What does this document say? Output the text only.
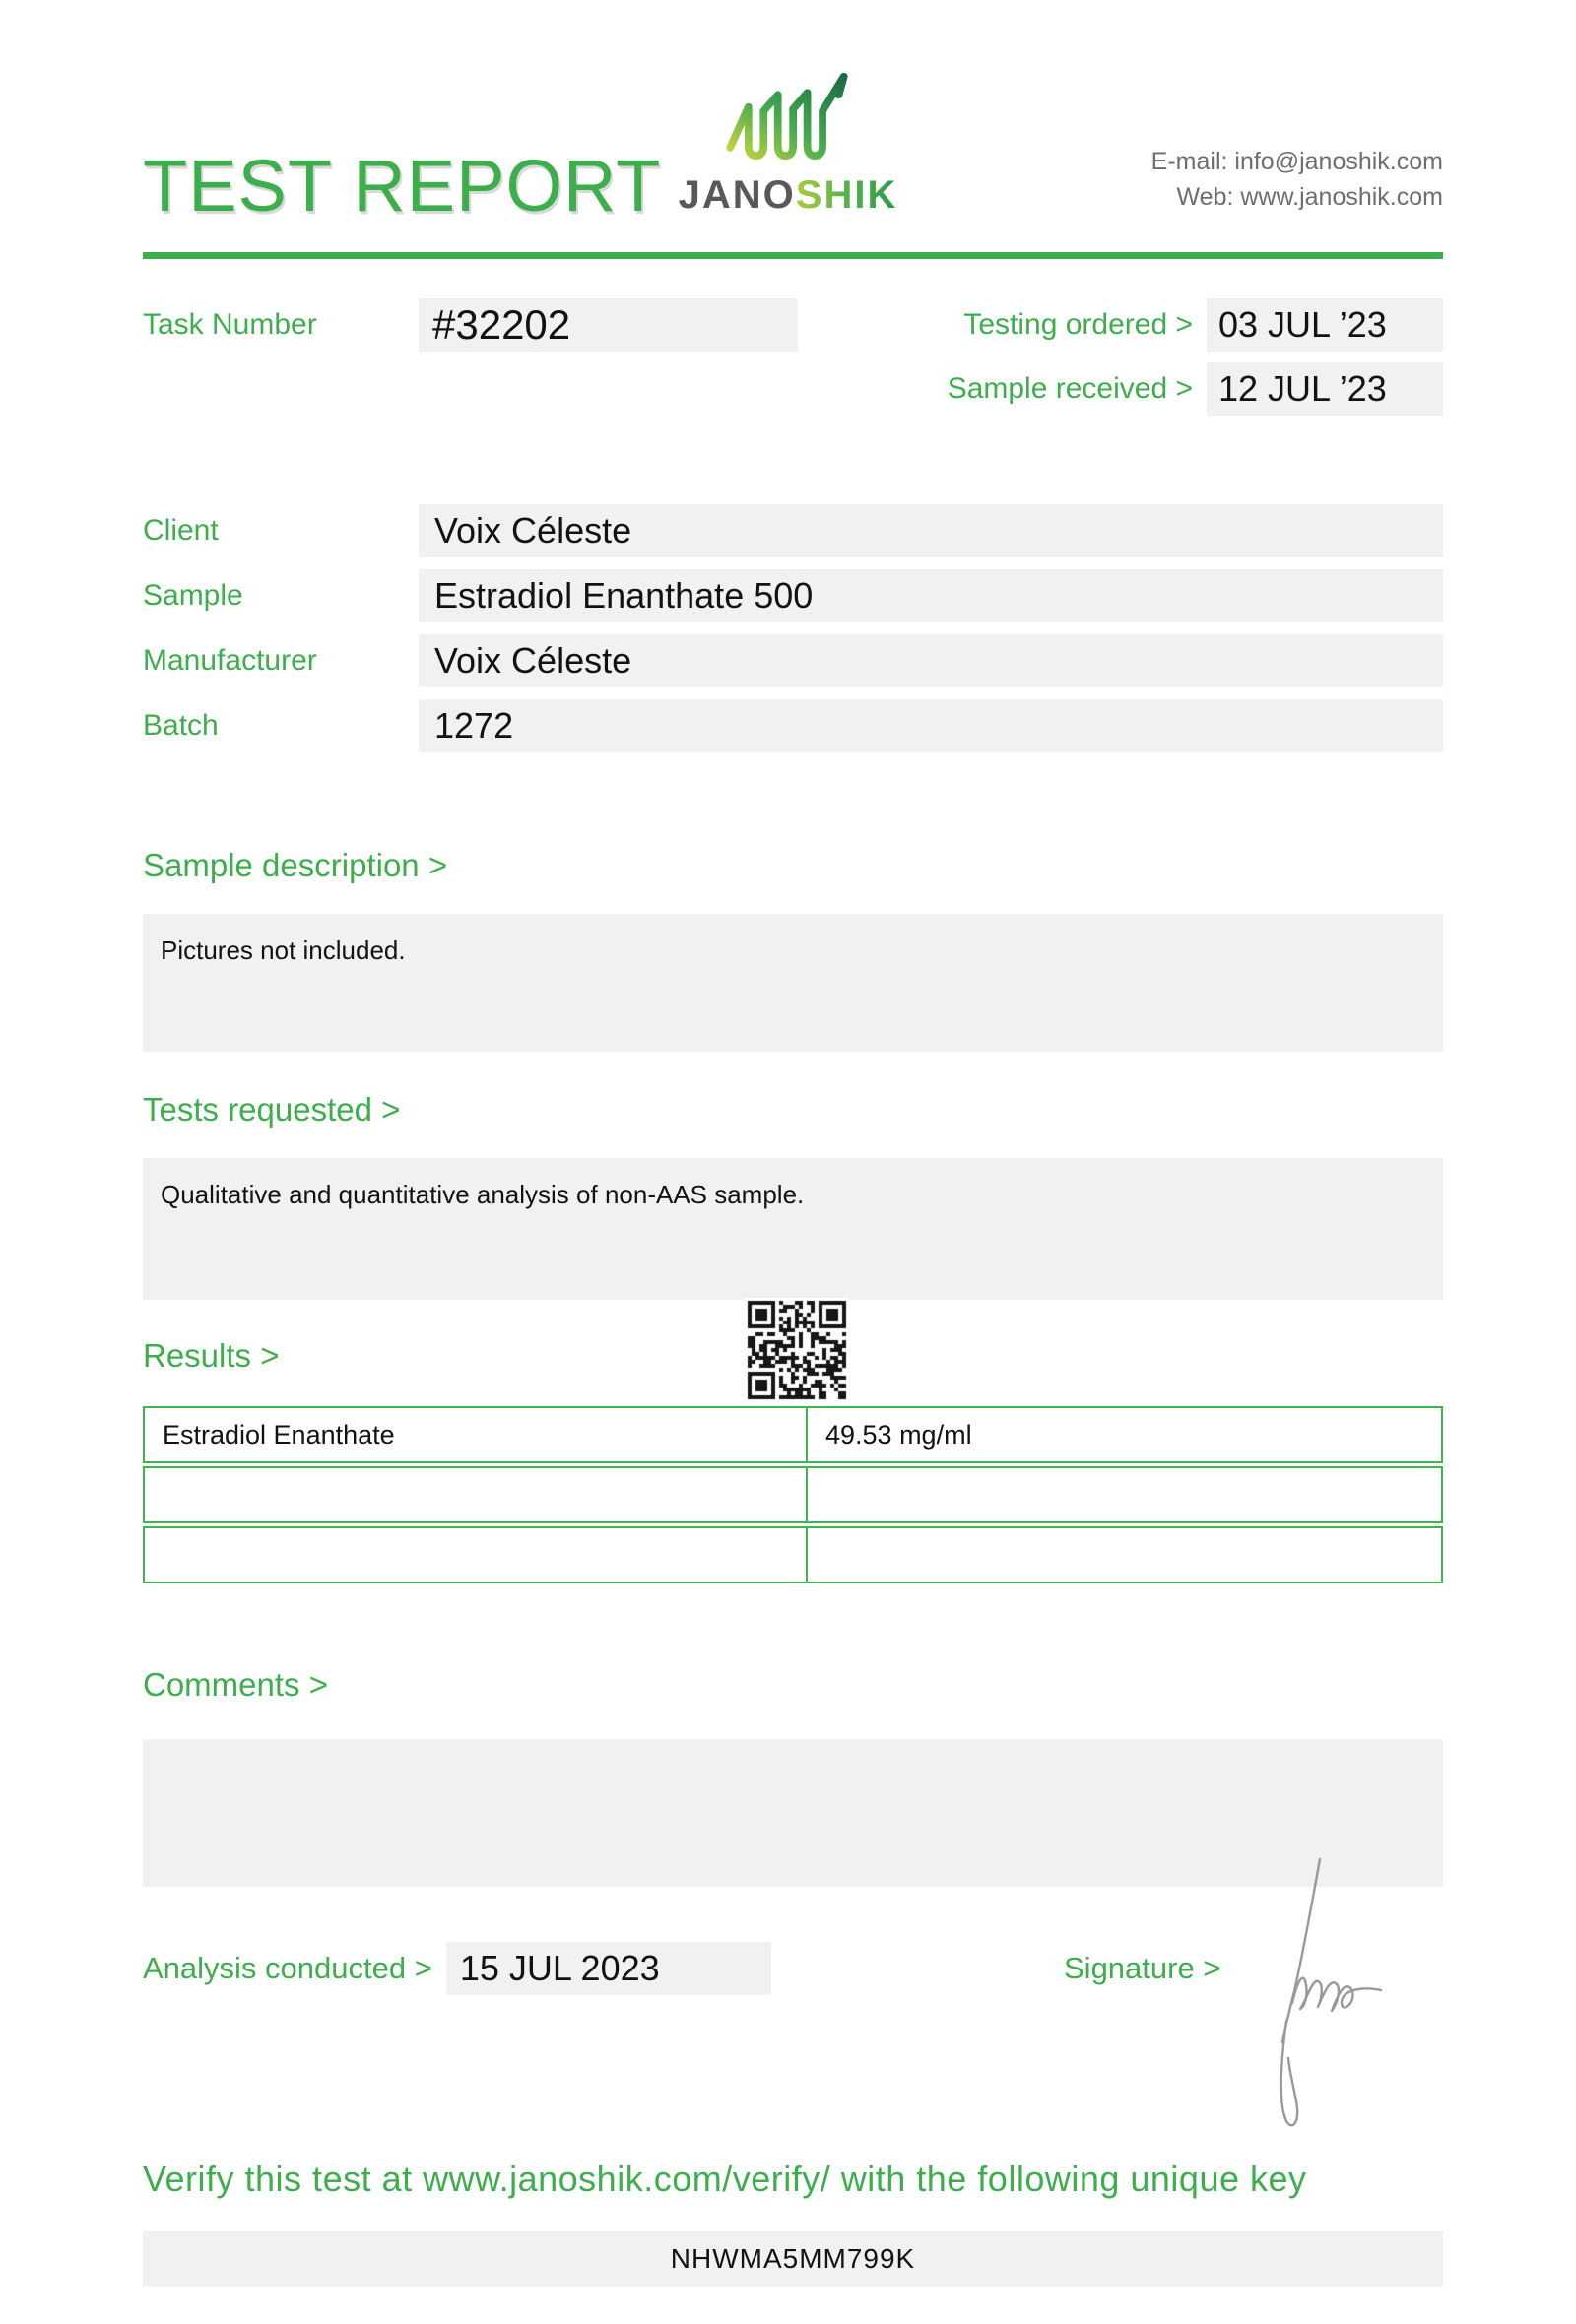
TEST REPORT JANOSHIK
E-mail: info@janoshik.com
Web: www.janoshik.com
Task Number	#32202	Testing ordered > 03 JUL ’23
Sample received > 12 JUL ’23
Client	Voix Céleste
Sample	Estradiol Enanthate 500
Manufacturer	Voix Céleste
Batch	1272
Sample description >
Pictures not included.
Tests requested >
Qualitative and quantitative analysis of non-AAS sample.
Results >
Estradiol Enanthate	49.53 mg/ml
Comments >
Analysis conducted > 15 JUL 2023	Signature >
Verify this test at www.janoshik.com/verify/ with the following unique key
NHWMA5MM799K
